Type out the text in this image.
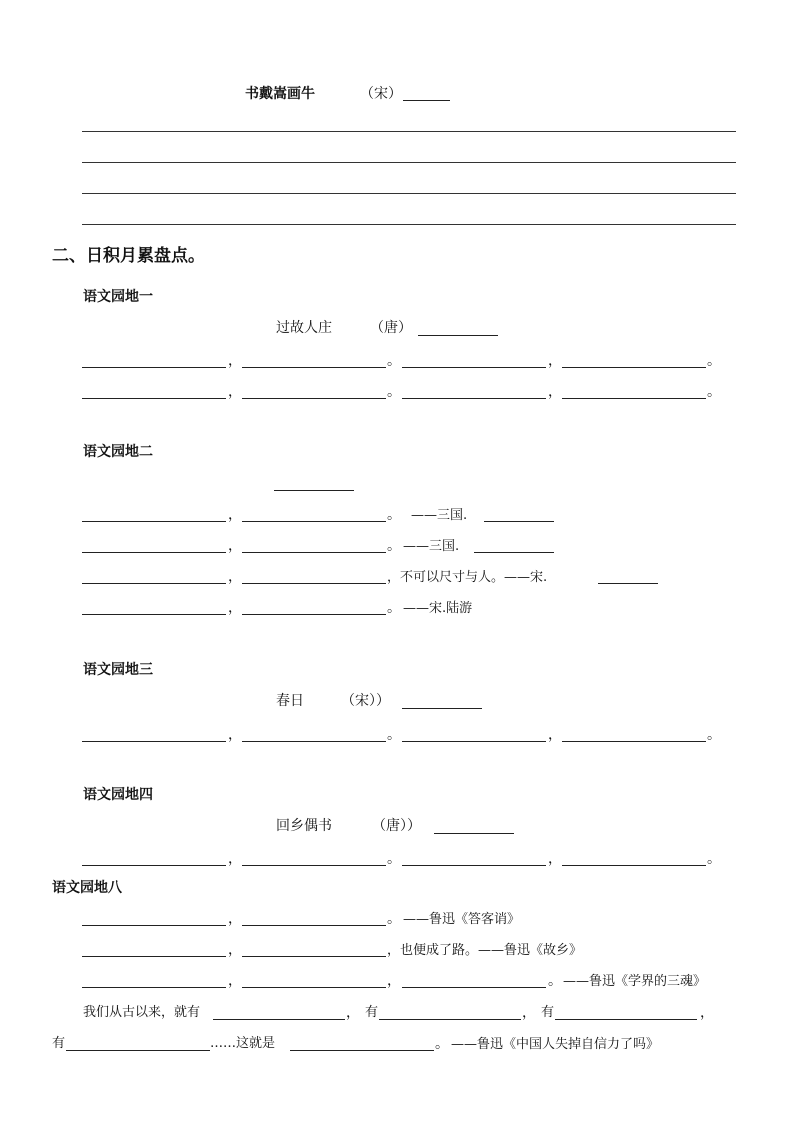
书戴嵩画牛	（宋）
二、日积月累盘点。
语文园地一
过故人庄	（唐）
，	。	，	。
，	。	，	。
语文园地二
，	。 ——三国.
，	。 ——三国.
，	，不可以尺寸与人。——宋.
，	。 ——宋.陆游
语文园地三
春日	（宋））
，	。	，	。
语文园地四
回乡偶书	（唐））
，	。	，	。
语文园地八
，	。 ——鲁迅《答客诮》
，	，也便成了路。——鲁迅《故乡》
，	，	。 ——鲁迅《学界的三魂》
我们从古以来，就有	， 有	， 有	，
有	……这就是	。 ——鲁迅《中国人失掉自信力了吗》
